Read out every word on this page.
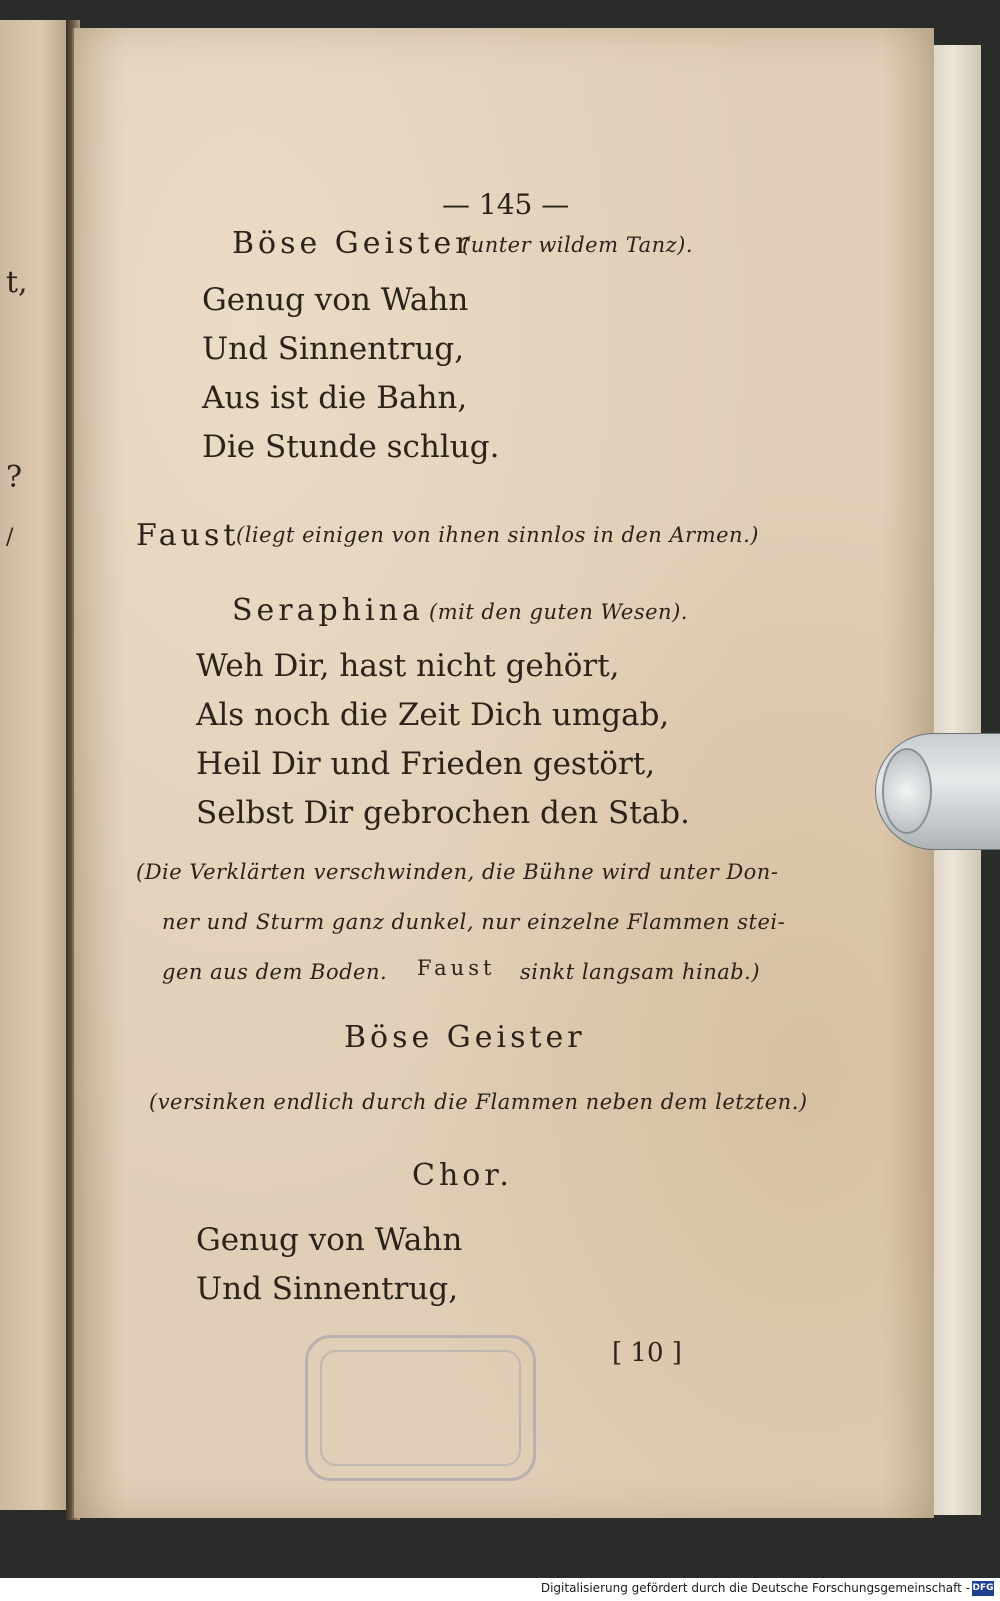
t,
?
/
— 145 —
Böse Geister
(unter wildem Tanz).
Genug von Wahn
Und Sinnentrug,
Aus ist die Bahn,
Die Stunde schlug.
Faust
(liegt einigen von ihnen sinnlos in den Armen.)
Seraphina (mit den guten Wesen).
Weh Dir, hast nicht gehört,
Als noch die Zeit Dich umgab,
Heil Dir und Frieden gestört,
Selbst Dir gebrochen den Stab.
(Die Verklärten verschwinden, die Bühne wird unter Don-
ner und Sturm ganz dunkel, nur einzelne Flammen stei-
gen aus dem Boden. Faust sinkt langsam hinab.)
Böse Geister
(versinken endlich durch die Flammen neben dem letzten.)
Chor.
Genug von Wahn
Und Sinnentrug,
[ 10 ]
Digitalisierung gefördert durch die Deutsche Forschungsgemeinschaft - DFG
